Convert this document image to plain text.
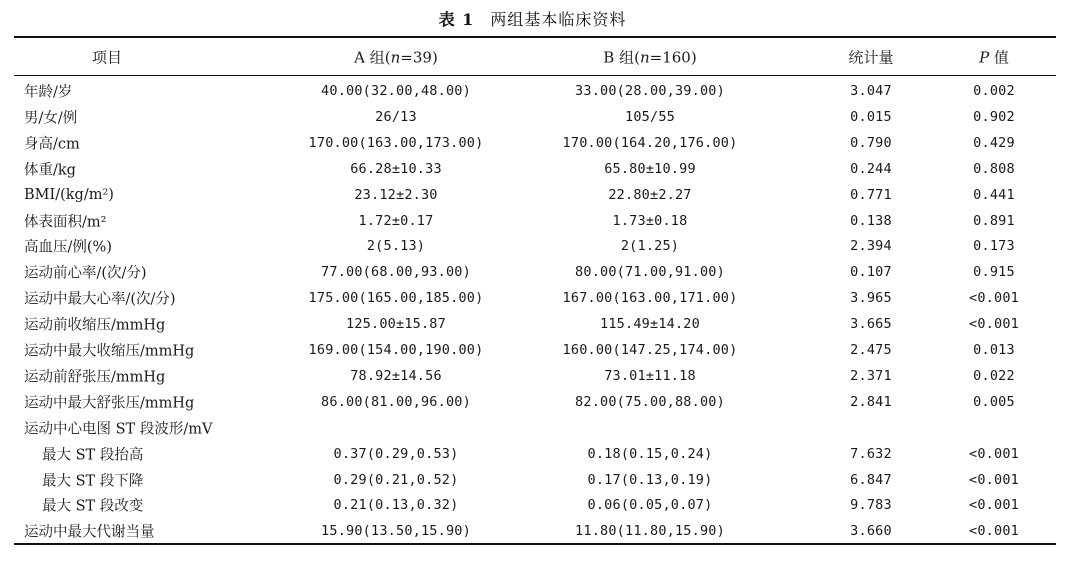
表 1 两组基本临床资料
项目	A 组(n=39)	B 组(n=160)	统计量	P 值
年龄/岁	40.00(32.00,48.00)	33.00(28.00,39.00)	3.047	0.002
男/女/例	26/13	105/55	0.015	0.902
身高/cm	170.00(163.00,173.00)	170.00(164.20,176.00)	0.790	0.429
体重/kg	66.28±10.33	65.80±10.99	0.244	0.808
BMI/(kg/m²)	23.12±2.30	22.80±2.27	0.771	0.441
体表面积/m²	1.72±0.17	1.73±0.18	0.138	0.891
高血压/例(%)	2(5.13)	2(1.25)	2.394	0.173
运动前心率/(次/分)	77.00(68.00,93.00)	80.00(71.00,91.00)	0.107	0.915
运动中最大心率/(次/分)	175.00(165.00,185.00)	167.00(163.00,171.00)	3.965	<0.001
运动前收缩压/mmHg	125.00±15.87	115.49±14.20	3.665	<0.001
运动中最大收缩压/mmHg	169.00(154.00,190.00)	160.00(147.25,174.00)	2.475	0.013
运动前舒张压/mmHg	78.92±14.56	73.01±11.18	2.371	0.022
运动中最大舒张压/mmHg	86.00(81.00,96.00)	82.00(75.00,88.00)	2.841	0.005
运动中心电图 ST 段波形/mV
最大 ST 段抬高	0.37(0.29,0.53)	0.18(0.15,0.24)	7.632	<0.001
最大 ST 段下降	0.29(0.21,0.52)	0.17(0.13,0.19)	6.847	<0.001
最大 ST 段改变	0.21(0.13,0.32)	0.06(0.05,0.07)	9.783	<0.001
运动中最大代谢当量	15.90(13.50,15.90)	11.80(11.80,15.90)	3.660	<0.001
